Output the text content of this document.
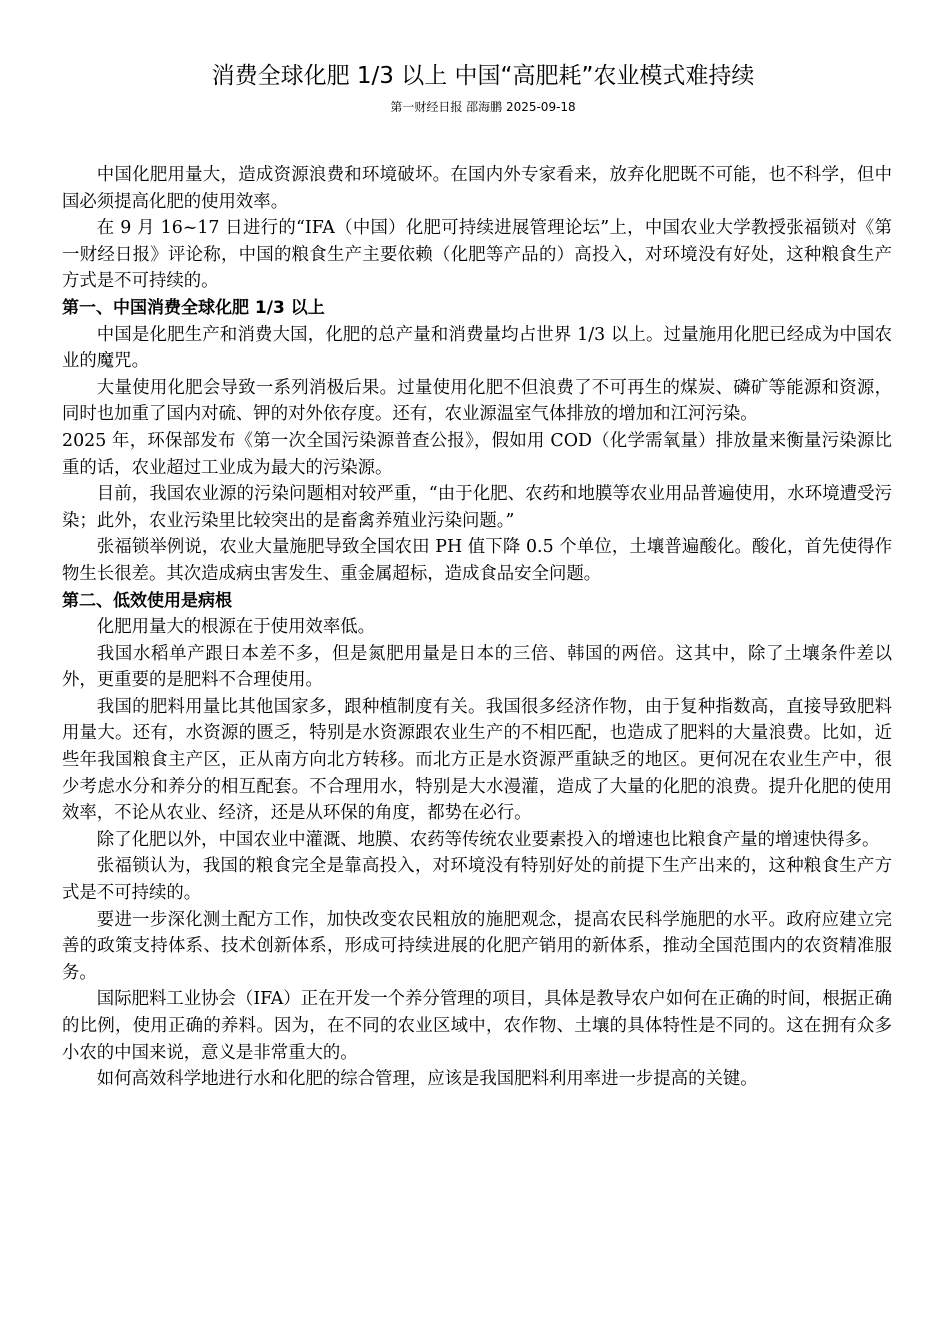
消费全球化肥 1/3 以上 中国“高肥耗”农业模式难持续
第一财经日报 邵海鹏 2025-09-18

中国化肥用量大，造成资源浪费和环境破坏。在国内外专家看来，放弃化肥既不可能，也不科学，但中国必须提高化肥的使用效率。

在 9 月 16~17 日进行的“IFA（中国）化肥可持续进展管理论坛”上，中国农业大学教授张福锁对《第一财经日报》评论称，中国的粮食生产主要依赖（化肥等产品的）高投入，对环境没有好处，这种粮食生产方式是不可持续的。

第一、中国消费全球化肥 1/3 以上

中国是化肥生产和消费大国，化肥的总产量和消费量均占世界 1/3 以上。过量施用化肥已经成为中国农业的魔咒。

大量使用化肥会导致一系列消极后果。过量使用化肥不但浪费了不可再生的煤炭、磷矿等能源和资源，同时也加重了国内对硫、钾的对外依存度。还有，农业源温室气体排放的增加和江河污染。

2025 年，环保部发布《第一次全国污染源普查公报》，假如用 COD（化学需氧量）排放量来衡量污染源比重的话，农业超过工业成为最大的污染源。

目前，我国农业源的污染问题相对较严重，“由于化肥、农药和地膜等农业用品普遍使用，水环境遭受污染；此外，农业污染里比较突出的是畜禽养殖业污染问题。”

张福锁举例说，农业大量施肥导致全国农田 PH 值下降 0.5 个单位，土壤普遍酸化。酸化，首先使得作物生长很差。其次造成病虫害发生、重金属超标，造成食品安全问题。

第二、低效使用是病根

化肥用量大的根源在于使用效率低。

我国水稻单产跟日本差不多，但是氮肥用量是日本的三倍、韩国的两倍。这其中，除了土壤条件差以外，更重要的是肥料不合理使用。

我国的肥料用量比其他国家多，跟种植制度有关。我国很多经济作物，由于复种指数高，直接导致肥料用量大。还有，水资源的匮乏，特别是水资源跟农业生产的不相匹配，也造成了肥料的大量浪费。比如，近些年我国粮食主产区，正从南方向北方转移。而北方正是水资源严重缺乏的地区。更何况在农业生产中，很少考虑水分和养分的相互配套。不合理用水，特别是大水漫灌，造成了大量的化肥的浪费。提升化肥的使用效率，不论从农业、经济，还是从环保的角度，都势在必行。

除了化肥以外，中国农业中灌溉、地膜、农药等传统农业要素投入的增速也比粮食产量的增速快得多。

张福锁认为，我国的粮食完全是靠高投入，对环境没有特别好处的前提下生产出来的，这种粮食生产方式是不可持续的。

要进一步深化测土配方工作，加快改变农民粗放的施肥观念，提高农民科学施肥的水平。政府应建立完善的政策支持体系、技术创新体系，形成可持续进展的化肥产销用的新体系，推动全国范围内的农资精准服务。

国际肥料工业协会（IFA）正在开发一个养分管理的项目，具体是教导农户如何在正确的时间，根据正确的比例，使用正确的养料。因为，在不同的农业区域中，农作物、土壤的具体特性是不同的。这在拥有众多小农的中国来说，意义是非常重大的。

如何高效科学地进行水和化肥的综合管理，应该是我国肥料利用率进一步提高的关键。
